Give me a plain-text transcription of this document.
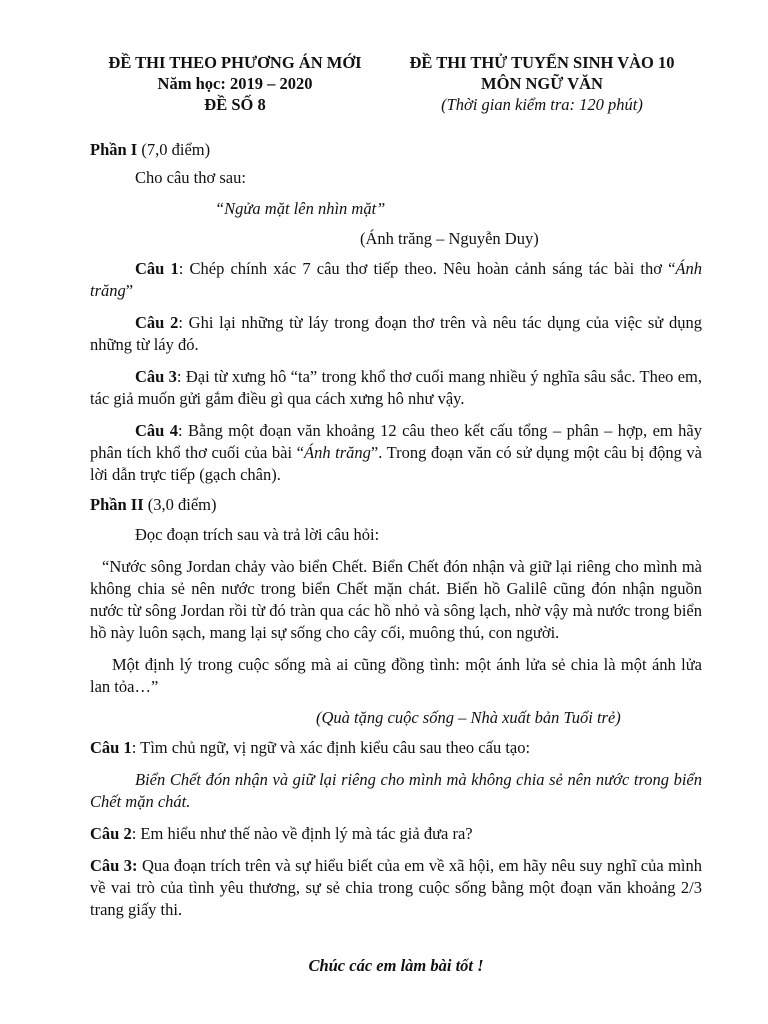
ĐỀ THI THEO PHƯƠNG ÁN MỚI
Năm học: 2019 – 2020
ĐỀ SỐ 8
ĐỀ THI THỬ TUYỂN SINH VÀO 10
MÔN NGỮ VĂN
(Thời gian kiểm tra: 120 phút)

Phần I (7,0 điểm)

Cho câu thơ sau:

“Ngửa mặt lên nhìn mặt”

(Ánh trăng – Nguyễn Duy)

Câu 1: Chép chính xác 7 câu thơ tiếp theo. Nêu hoàn cảnh sáng tác bài thơ “Ánh trăng”

Câu 2: Ghi lại những từ láy trong đoạn thơ trên và nêu tác dụng của việc sử dụng những từ láy đó.

Câu 3: Đại từ xưng hô “ta” trong khổ thơ cuối mang nhiều ý nghĩa sâu sắc. Theo em, tác giả muốn gửi gắm điều gì qua cách xưng hô như vậy.

Câu 4: Bằng một đoạn văn khoảng 12 câu theo kết cấu tổng – phân – hợp, em hãy phân tích khổ thơ cuối của bài “Ánh trăng”. Trong đoạn văn có sử dụng một câu bị động và lời dẫn trực tiếp (gạch chân).

Phần II (3,0 điểm)

Đọc đoạn trích sau và trả lời câu hỏi:

“Nước sông Jordan chảy vào biển Chết. Biển Chết đón nhận và giữ lại riêng cho mình mà không chia sẻ nên nước trong biển Chết mặn chát. Biển hồ Galilê cũng đón nhận nguồn nước từ sông Jordan rồi từ đó tràn qua các hồ nhỏ và sông lạch, nhờ vậy mà nước trong biển hồ này luôn sạch, mang lại sự sống cho cây cối, muông thú, con người.

Một định lý trong cuộc sống mà ai cũng đồng tình: một ánh lửa sẻ chia là một ánh lửa lan tỏa…”

(Quà tặng cuộc sống – Nhà xuất bản Tuổi trẻ)

Câu 1: Tìm chủ ngữ, vị ngữ và xác định kiểu câu sau theo cấu tạo:

Biển Chết đón nhận và giữ lại riêng cho mình mà không chia sẻ nên nước trong biển Chết mặn chát.

Câu 2: Em hiểu như thế nào về định lý mà tác giả đưa ra?

Câu 3: Qua đoạn trích trên và sự hiểu biết của em về xã hội, em hãy nêu suy nghĩ của mình về vai trò của tình yêu thương, sự sẻ chia trong cuộc sống bằng một đoạn văn khoảng 2/3 trang giấy thi.

Chúc các em làm bài tốt !
